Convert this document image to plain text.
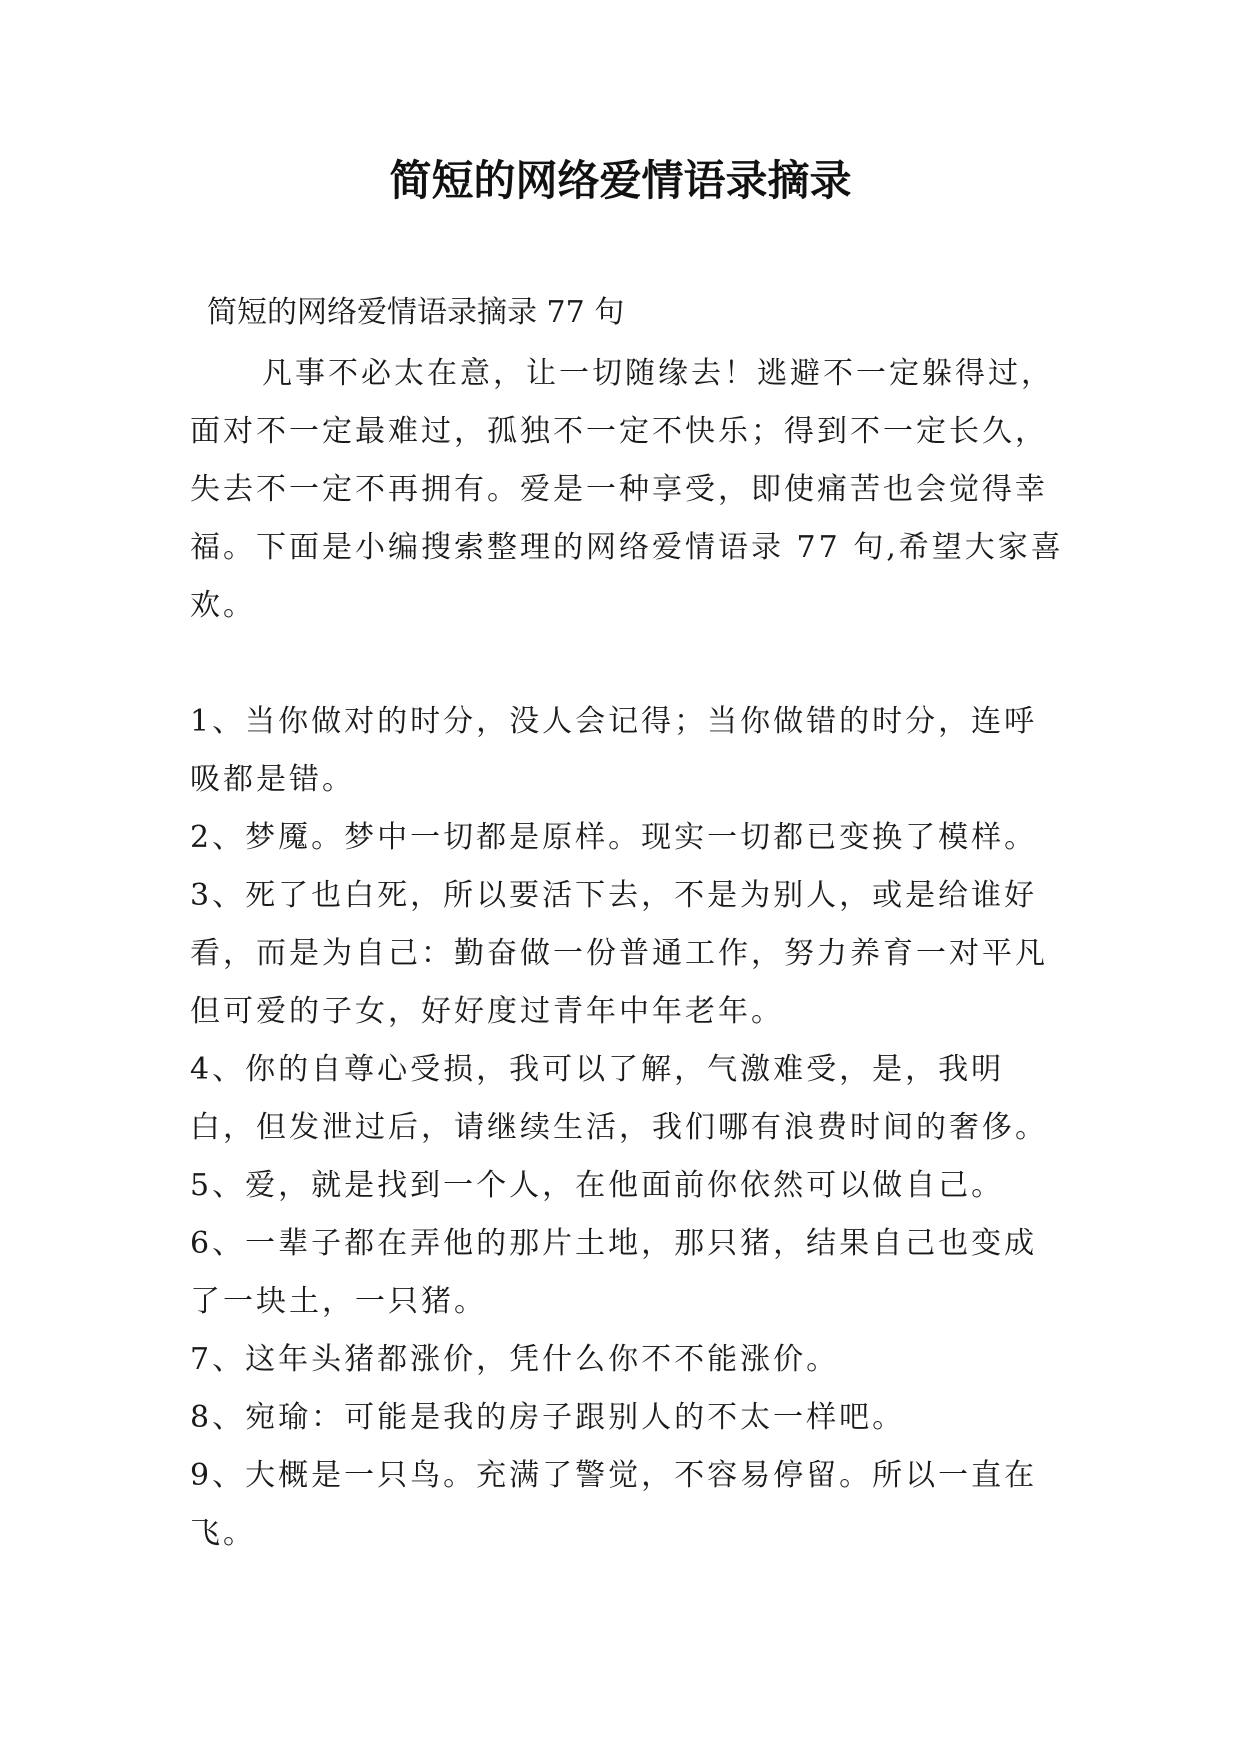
简短的网络爱情语录摘录
简短的网络爱情语录摘录 77 句

凡事不必太在意，让一切随缘去！逃避不一定躲得过，面对不一定最难过，孤独不一定不快乐；得到不一定长久，失去不一定不再拥有。爱是一种享受，即使痛苦也会觉得幸福。下面是小编搜索整理的网络爱情语录 77 句,希望大家喜欢。

1、当你做对的时分，没人会记得；当你做错的时分，连呼吸都是错。

2、梦魇。梦中一切都是原样。现实一切都已变换了模样。

3、死了也白死，所以要活下去，不是为别人，或是给谁好看，而是为自己：勤奋做一份普通工作，努力养育一对平凡但可爱的子女，好好度过青年中年老年。

4、你的自尊心受损，我可以了解，气激难受，是，我明白，但发泄过后，请继续生活，我们哪有浪费时间的奢侈。

5、爱，就是找到一个人，在他面前你依然可以做自己。

6、一辈子都在弄他的那片土地，那只猪，结果自己也变成了一块土，一只猪。

7、这年头猪都涨价，凭什么你不不能涨价。

8、宛瑜：可能是我的房子跟别人的不太一样吧。

9、大概是一只鸟。充满了警觉，不容易停留。所以一直在飞。
